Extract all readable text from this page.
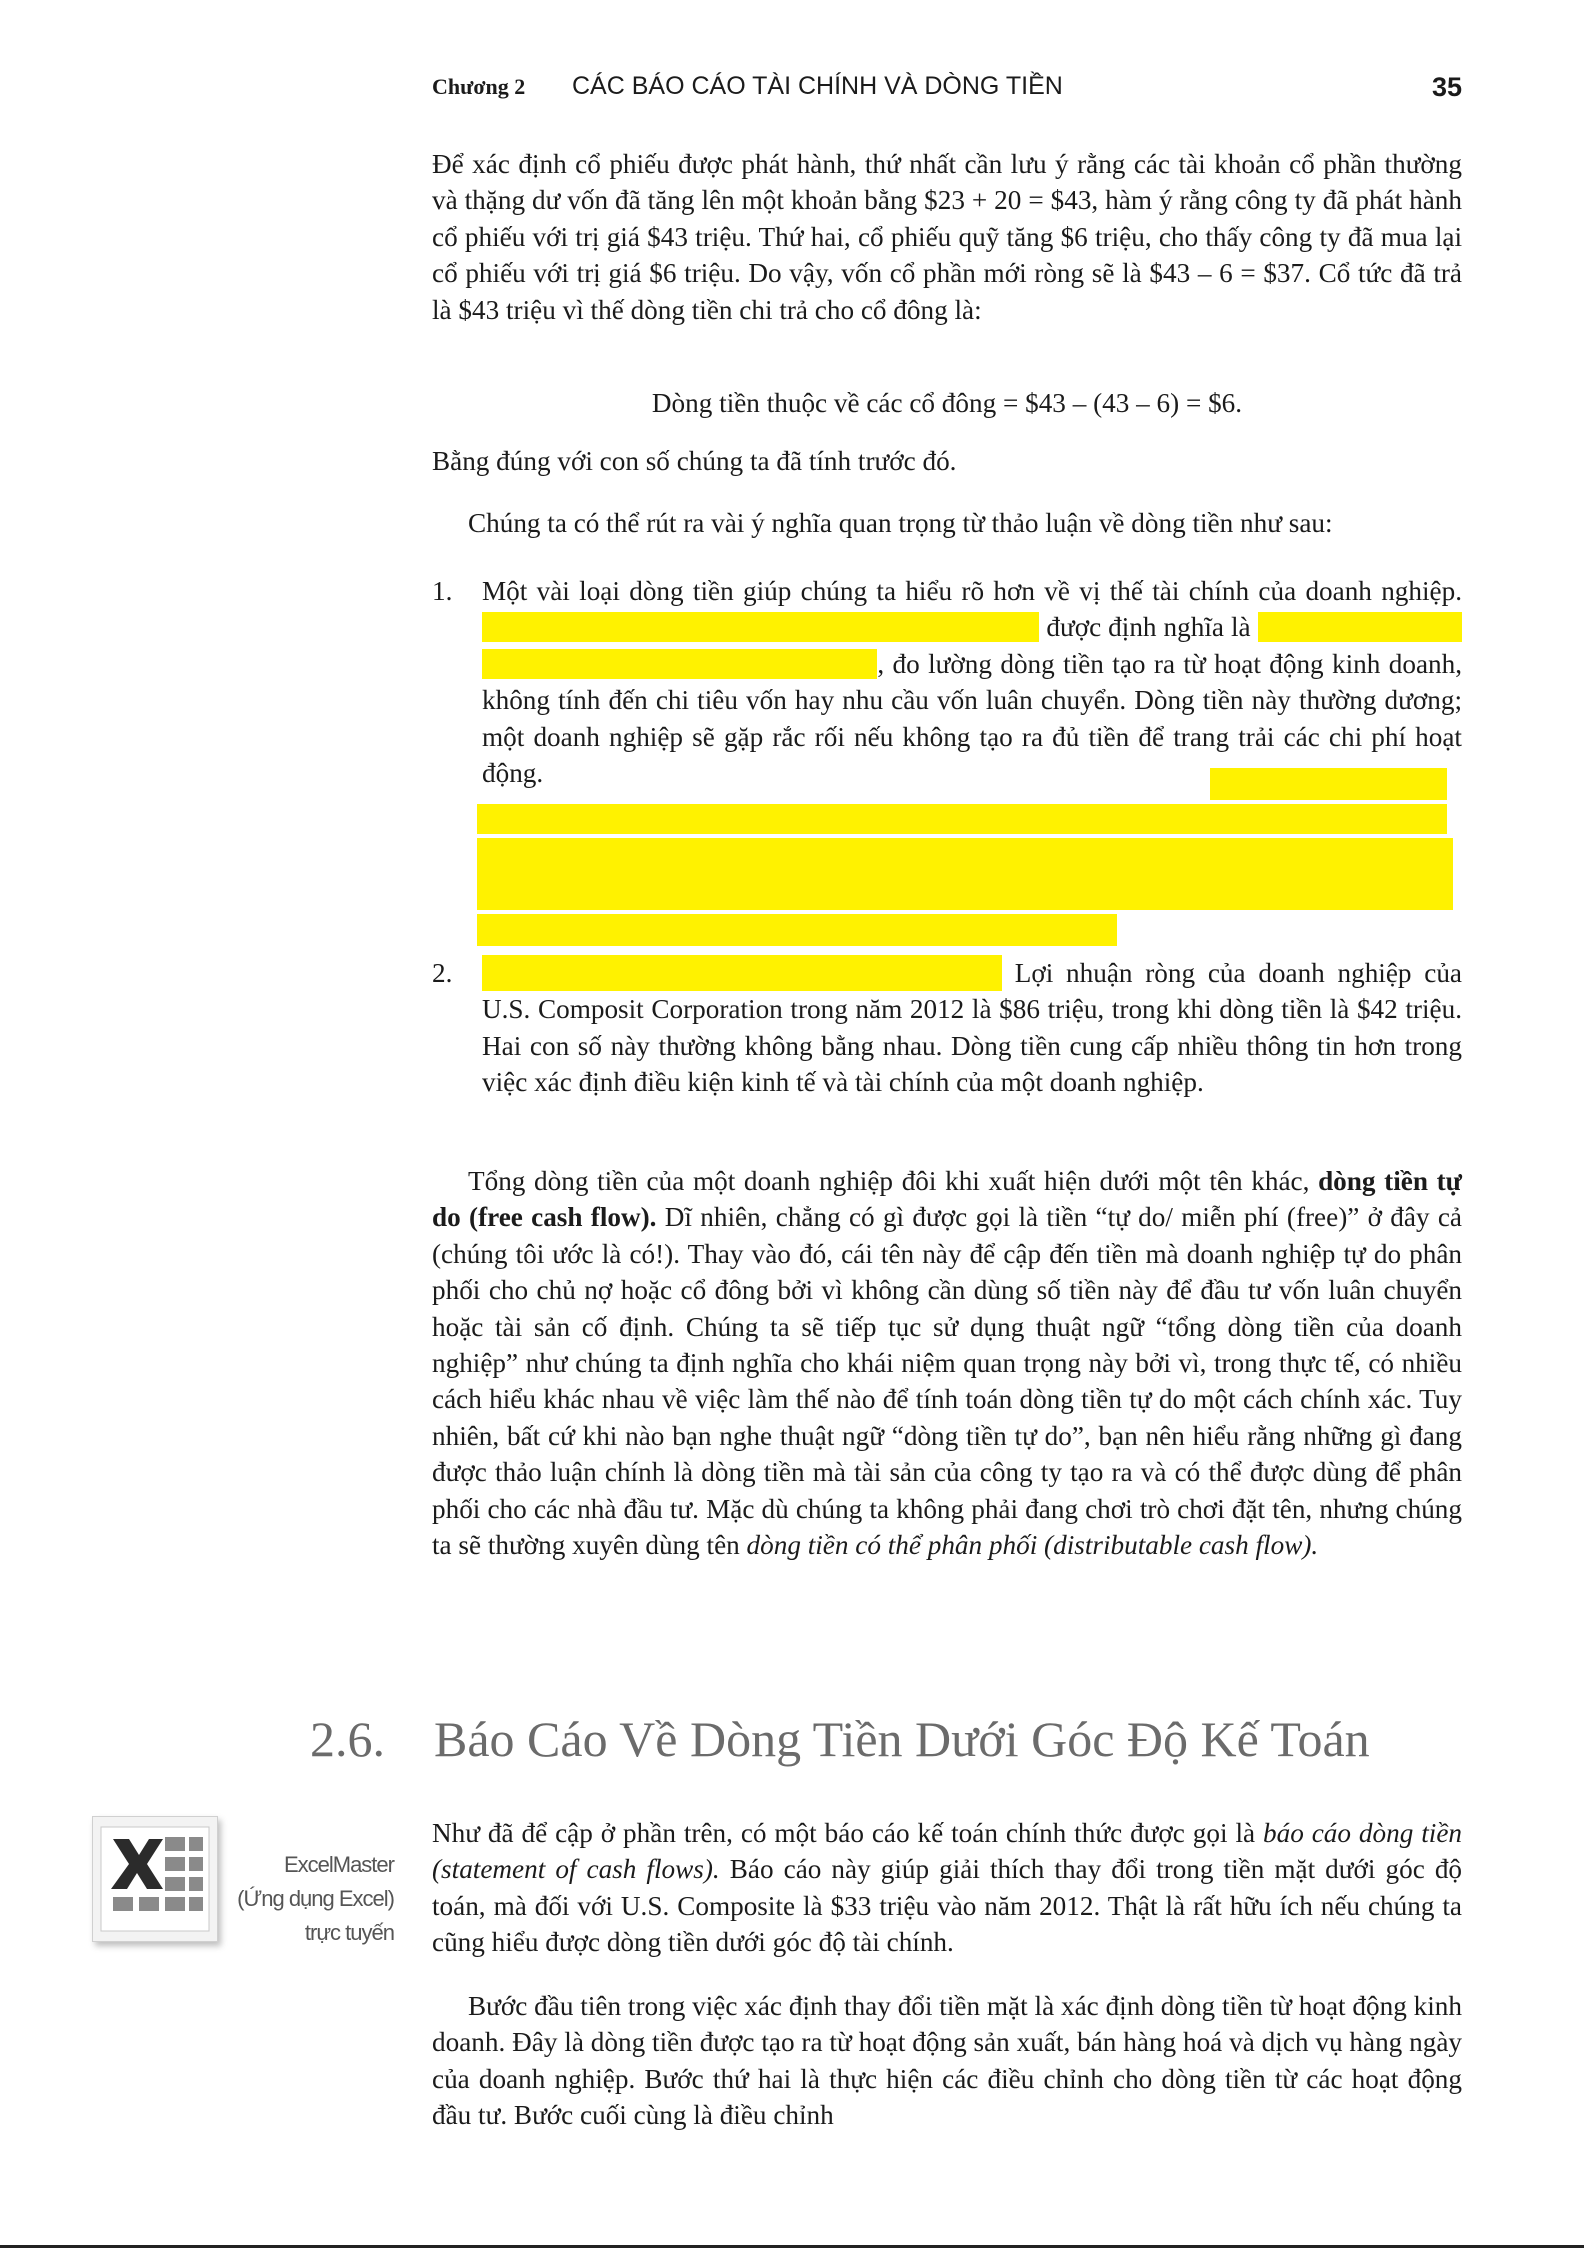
Chương 2 CÁC BÁO CÁO TÀI CHÍNH VÀ DÒNG TIỀN	35

Để xác định cổ phiếu được phát hành, thứ nhất cần lưu ý rằng các tài khoản cổ phần thường và thặng dư vốn đã tăng lên một khoản bằng $23 + 20 = $43, hàm ý rằng công ty đã phát hành cổ phiếu với trị giá $43 triệu. Thứ hai, cổ phiếu quỹ tăng $6 triệu, cho thấy công ty đã mua lại cổ phiếu với trị giá $6 triệu. Do vậy, vốn cổ phần mới ròng sẽ là $43 – 6 = $37. Cổ tức đã trả là $43 triệu vì thế dòng tiền chi trả cho cổ đông là:

Dòng tiền thuộc về các cổ đông = $43 – (43 – 6) = $6.

Bằng đúng với con số chúng ta đã tính trước đó.

Chúng ta có thể rút ra vài ý nghĩa quan trọng từ thảo luận về dòng tiền như sau:

1. Một vài loại dòng tiền giúp chúng ta hiểu rõ hơn về vị thế tài chính của doanh nghiệp. được định nghĩa là , đo lường dòng tiền tạo ra từ hoạt động kinh doanh, không tính đến chi tiêu vốn hay nhu cầu vốn luân chuyển. Dòng tiền này thường dương; một doanh nghiệp sẽ gặp rắc rối nếu không tạo ra đủ tiền để trang trải các chi phí hoạt động.
2.	Lợi nhuận ròng của doanh nghiệp của U.S. Composit Corporation trong năm 2012 là $86 triệu, trong khi dòng tiền là $42 triệu. Hai con số này thường không bằng nhau. Dòng tiền cung cấp nhiều thông tin hơn trong việc xác định điều kiện kinh tế và tài chính của một doanh nghiệp.

Tổng dòng tiền của một doanh nghiệp đôi khi xuất hiện dưới một tên khác, dòng tiền tự do (free cash flow). Dĩ nhiên, chẳng có gì được gọi là tiền “tự do/ miễn phí (free)” ở đây cả (chúng tôi ước là có!). Thay vào đó, cái tên này để cập đến tiền mà doanh nghiệp tự do phân phối cho chủ nợ hoặc cổ đông bởi vì không cần dùng số tiền này để đầu tư vốn luân chuyển hoặc tài sản cố định. Chúng ta sẽ tiếp tục sử dụng thuật ngữ “tổng dòng tiền của doanh nghiệp” như chúng ta định nghĩa cho khái niệm quan trọng này bởi vì, trong thực tế, có nhiều cách hiểu khác nhau về việc làm thế nào để tính toán dòng tiền tự do một cách chính xác. Tuy nhiên, bất cứ khi nào bạn nghe thuật ngữ “dòng tiền tự do”, bạn nên hiểu rằng những gì đang được thảo luận chính là dòng tiền mà tài sản của công ty tạo ra và có thể được dùng để phân phối cho các nhà đầu tư. Mặc dù chúng ta không phải đang chơi trò chơi đặt tên, nhưng chúng ta sẽ thường xuyên dùng tên dòng tiền có thể phân phối (distributable cash flow).

2.6. Báo Cáo Về Dòng Tiền Dưới Góc Độ Kế Toán
ExcelMaster
(Ứng dụng Excel)
trực tuyến

Như đã để cập ở phần trên, có một báo cáo kế toán chính thức được gọi là báo cáo dòng tiền (statement of cash flows). Báo cáo này giúp giải thích thay đổi trong tiền mặt dưới góc độ toán, mà đối với U.S. Composite là $33 triệu vào năm 2012. Thật là rất hữu ích nếu chúng ta cũng hiểu được dòng tiền dưới góc độ tài chính.

Bước đầu tiên trong việc xác định thay đổi tiền mặt là xác định dòng tiền từ hoạt động kinh doanh. Đây là dòng tiền được tạo ra từ hoạt động sản xuất, bán hàng hoá và dịch vụ hàng ngày của doanh nghiệp. Bước thứ hai là thực hiện các điều chỉnh cho dòng tiền từ các hoạt động đầu tư. Bước cuối cùng là điều chỉnh
